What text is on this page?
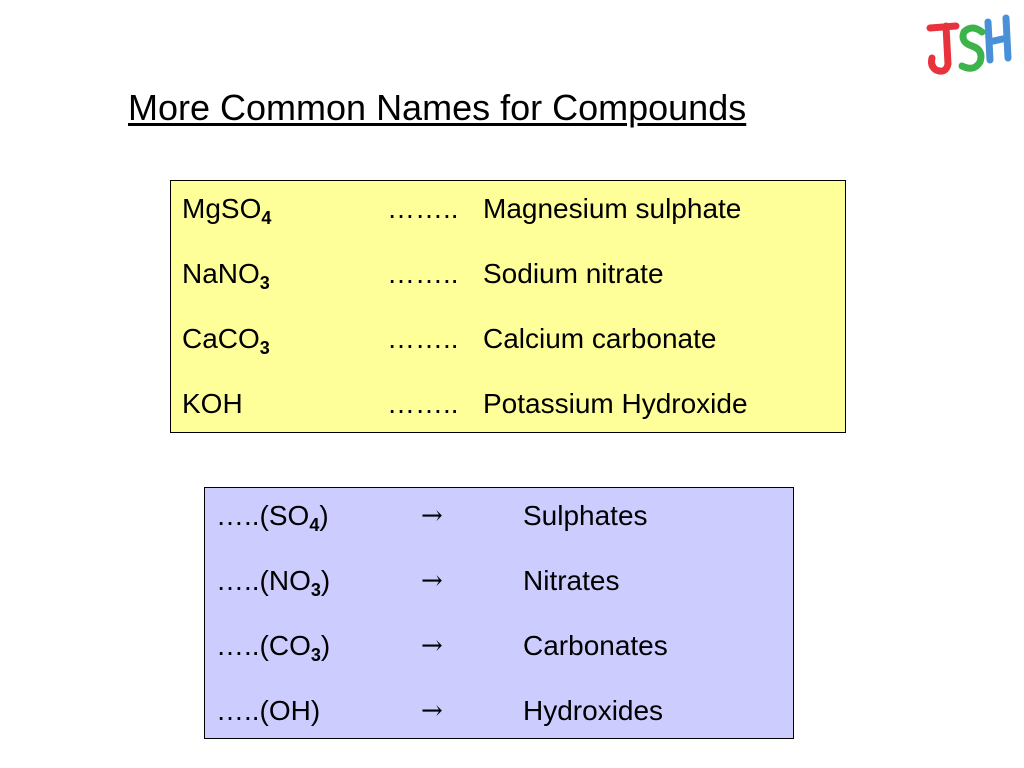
More Common Names for Compounds
MgSO$_4$	…….. Magnesium sulphate
NaNO$_3$	…….. Sodium nitrate
CaCO$_3$	…….. Calcium carbonate
KOH	…….. Potassium Hydroxide
$\dots..(SO_4)$	→	Sulphates
$\dots..(NO_3)$	→	Nitrates
$\dots..(CO_3)$	→	Carbonates
…..(OH)	→	Hydroxides
